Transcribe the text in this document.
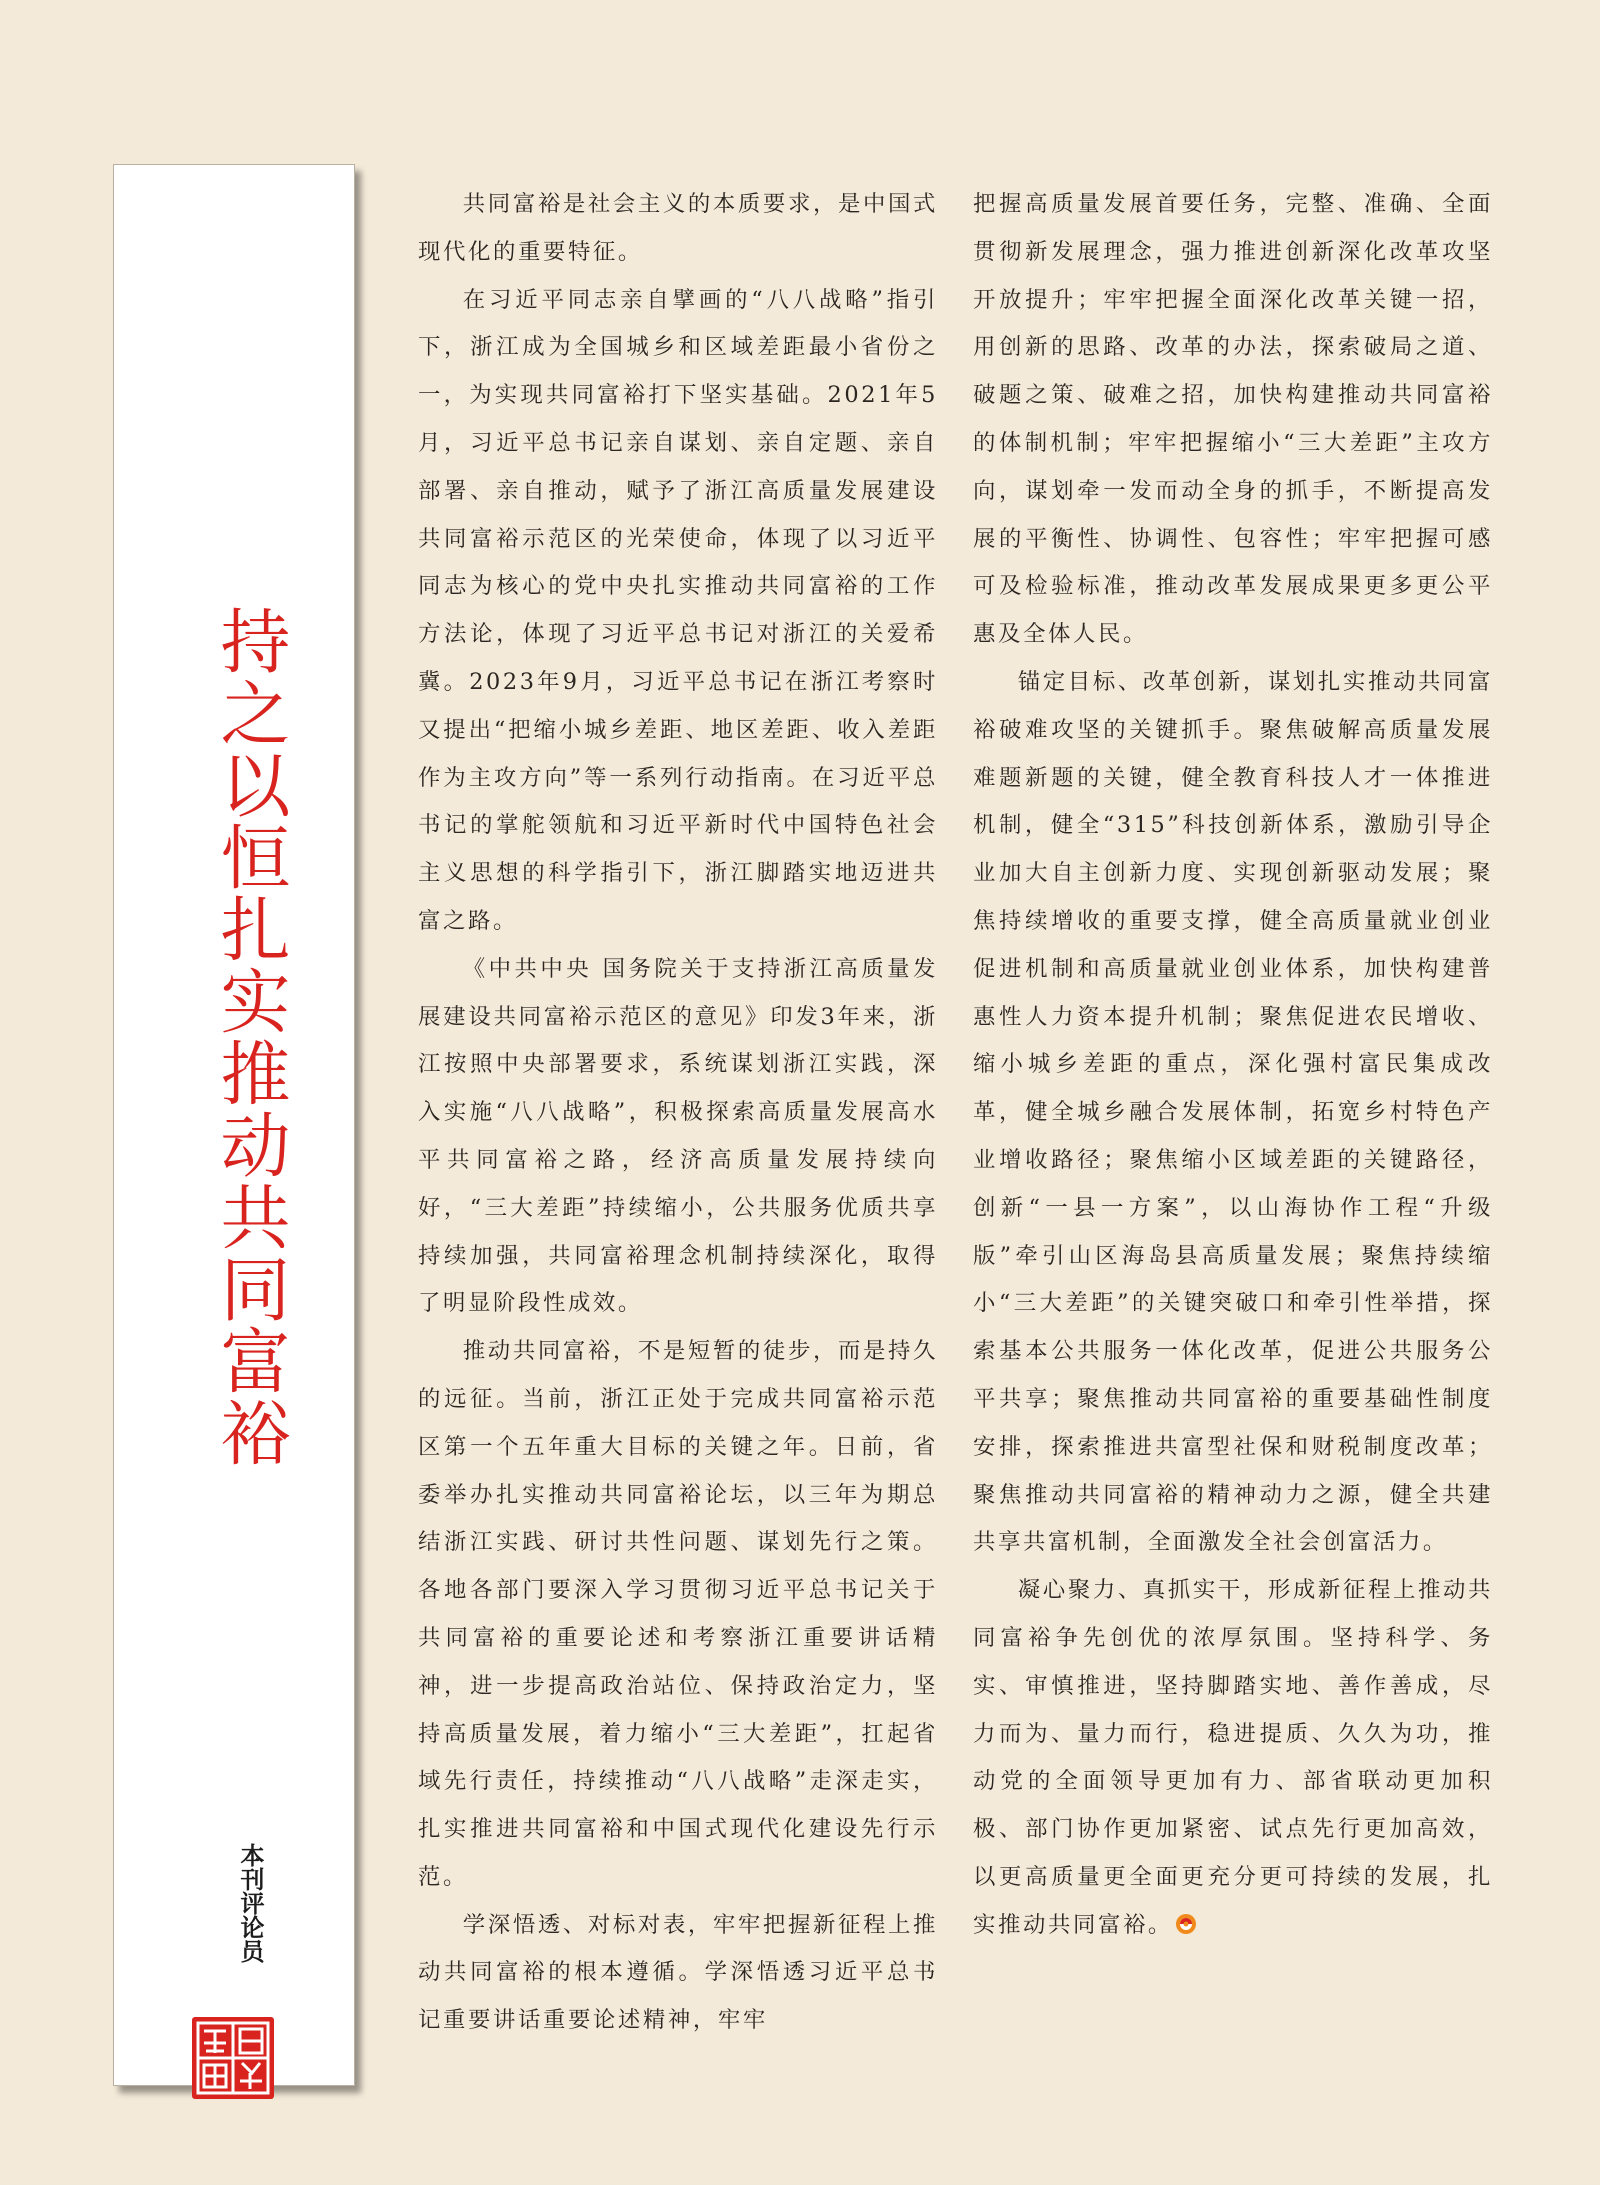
持之以恒扎实推动共同富裕
本刊评论员

共同富裕是社会主义的本质要求，是中国式现代化的重要特征。

在习近平同志亲自擘画的“八八战略”指引下，浙江成为全国城乡和区域差距最小省份之一，为实现共同富裕打下坚实基础。2021年5月，习近平总书记亲自谋划、亲自定题、亲自部署、亲自推动，赋予了浙江高质量发展建设共同富裕示范区的光荣使命，体现了以习近平同志为核心的党中央扎实推动共同富裕的工作方法论，体现了习近平总书记对浙江的关爱希冀。2023年9月，习近平总书记在浙江考察时又提出“把缩小城乡差距、地区差距、收入差距作为主攻方向”等一系列行动指南。在习近平总书记的掌舵领航和习近平新时代中国特色社会主义思想的科学指引下，浙江脚踏实地迈进共富之路。

《中共中央 国务院关于支持浙江高质量发展建设共同富裕示范区的意见》印发3年来，浙江按照中央部署要求，系统谋划浙江实践，深入实施“八八战略”，积极探索高质量发展高水平共同富裕之路，经济高质量发展持续向好，“三大差距”持续缩小，公共服务优质共享持续加强，共同富裕理念机制持续深化，取得了明显阶段性成效。

推动共同富裕，不是短暂的徒步，而是持久的远征。当前，浙江正处于完成共同富裕示范区第一个五年重大目标的关键之年。日前，省委举办扎实推动共同富裕论坛，以三年为期总结浙江实践、研讨共性问题、谋划先行之策。各地各部门要深入学习贯彻习近平总书记关于共同富裕的重要论述和考察浙江重要讲话精神，进一步提高政治站位、保持政治定力，坚持高质量发展，着力缩小“三大差距”，扛起省域先行责任，持续推动“八八战略”走深走实，扎实推进共同富裕和中国式现代化建设先行示范。

学深悟透、对标对表，牢牢把握新征程上推动共同富裕的根本遵循。学深悟透习近平总书记重要讲话重要论述精神，牢牢

把握高质量发展首要任务，完整、准确、全面贯彻新发展理念，强力推进创新深化改革攻坚开放提升；牢牢把握全面深化改革关键一招，用创新的思路、改革的办法，探索破局之道、破题之策、破难之招，加快构建推动共同富裕的体制机制；牢牢把握缩小“三大差距”主攻方向，谋划牵一发而动全身的抓手，不断提高发展的平衡性、协调性、包容性；牢牢把握可感可及检验标准，推动改革发展成果更多更公平惠及全体人民。

锚定目标、改革创新，谋划扎实推动共同富裕破难攻坚的关键抓手。聚焦破解高质量发展难题新题的关键，健全教育科技人才一体推进机制，健全“315”科技创新体系，激励引导企业加大自主创新力度、实现创新驱动发展；聚焦持续增收的重要支撑，健全高质量就业创业促进机制和高质量就业创业体系，加快构建普惠性人力资本提升机制；聚焦促进农民增收、缩小城乡差距的重点，深化强村富民集成改革，健全城乡融合发展体制，拓宽乡村特色产业增收路径；聚焦缩小区域差距的关键路径，创新“一县一方案”，以山海协作工程“升级版”牵引山区海岛县高质量发展；聚焦持续缩小“三大差距”的关键突破口和牵引性举措，探索基本公共服务一体化改革，促进公共服务公平共享；聚焦推动共同富裕的重要基础性制度安排，探索推进共富型社保和财税制度改革；聚焦推动共同富裕的精神动力之源，健全共建共享共富机制，全面激发全社会创富活力。

凝心聚力、真抓实干，形成新征程上推动共同富裕争先创优的浓厚氛围。坚持科学、务实、审慎推进，坚持脚踏实地、善作善成，尽力而为、量力而行，稳进提质、久久为功，推动党的全面领导更加有力、部省联动更加积极、部门协作更加紧密、试点先行更加高效，以更高质量更全面更充分更可持续的发展，扎实推动共同富裕。
